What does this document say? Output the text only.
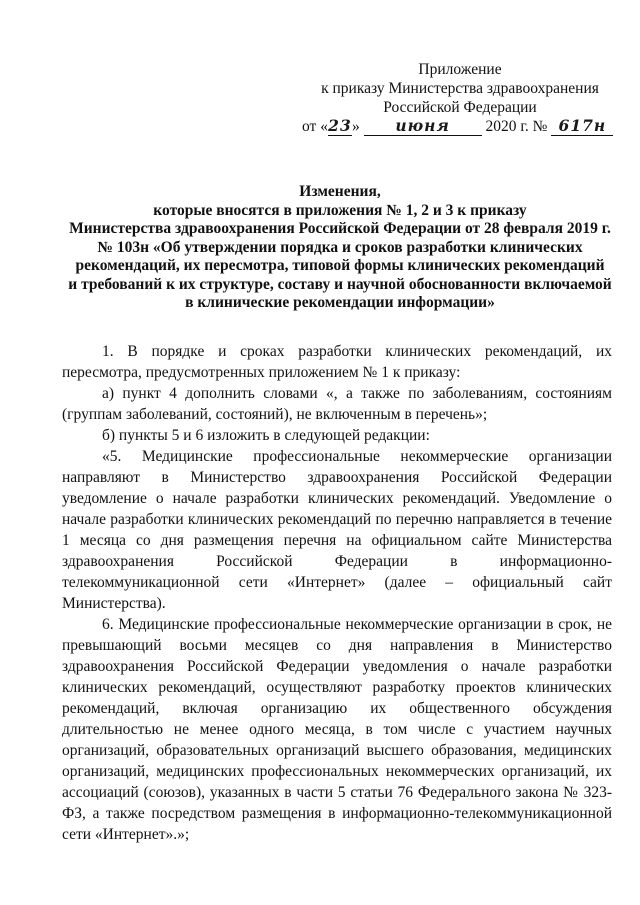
Приложение
к приказу Министерства здравоохранения
Российской Федерации
от «23» июня 2020 г. № 617н
Изменения,
которые вносятся в приложения № 1, 2 и 3 к приказу
Министерства здравоохранения Российской Федерации от 28 февраля 2019 г.
№ 103н «Об утверждении порядка и сроков разработки клинических
рекомендаций, их пересмотра, типовой формы клинических рекомендаций
и требований к их структуре, составу и научной обоснованности включаемой
в клинические рекомендации информации»

1. В порядке и сроках разработки клинических рекомендаций, их пересмотра, предусмотренных приложением № 1 к приказу:

а) пункт 4 дополнить словами «, а также по заболеваниям, состояниям (группам заболеваний, состояний), не включенным в перечень»;

б) пункты 5 и 6 изложить в следующей редакции:

«5. Медицинские профессиональные некоммерческие организации направляют в Министерство здравоохранения Российской Федерации уведомление о начале разработки клинических рекомендаций. Уведомление о начале разработки клинических рекомендаций по перечню направляется в течение 1 месяца со дня размещения перечня на официальном сайте Министерства здравоохранения Российской Федерации в информационно-телекоммуникационной сети «Интернет» (далее – официальный сайт Министерства).

6. Медицинские профессиональные некоммерческие организации в срок, не превышающий восьми месяцев со дня направления в Министерство здравоохранения Российской Федерации уведомления о начале разработки клинических рекомендаций, осуществляют разработку проектов клинических рекомендаций, включая организацию их общественного обсуждения длительностью не менее одного месяца, в том числе с участием научных организаций, образовательных организаций высшего образования, медицинских организаций, медицинских профессиональных некоммерческих организаций, их ассоциаций (союзов), указанных в части 5 статьи 76 Федерального закона № 323-ФЗ, а также посредством размещения в информационно-телекоммуникационной сети «Интернет».»;
